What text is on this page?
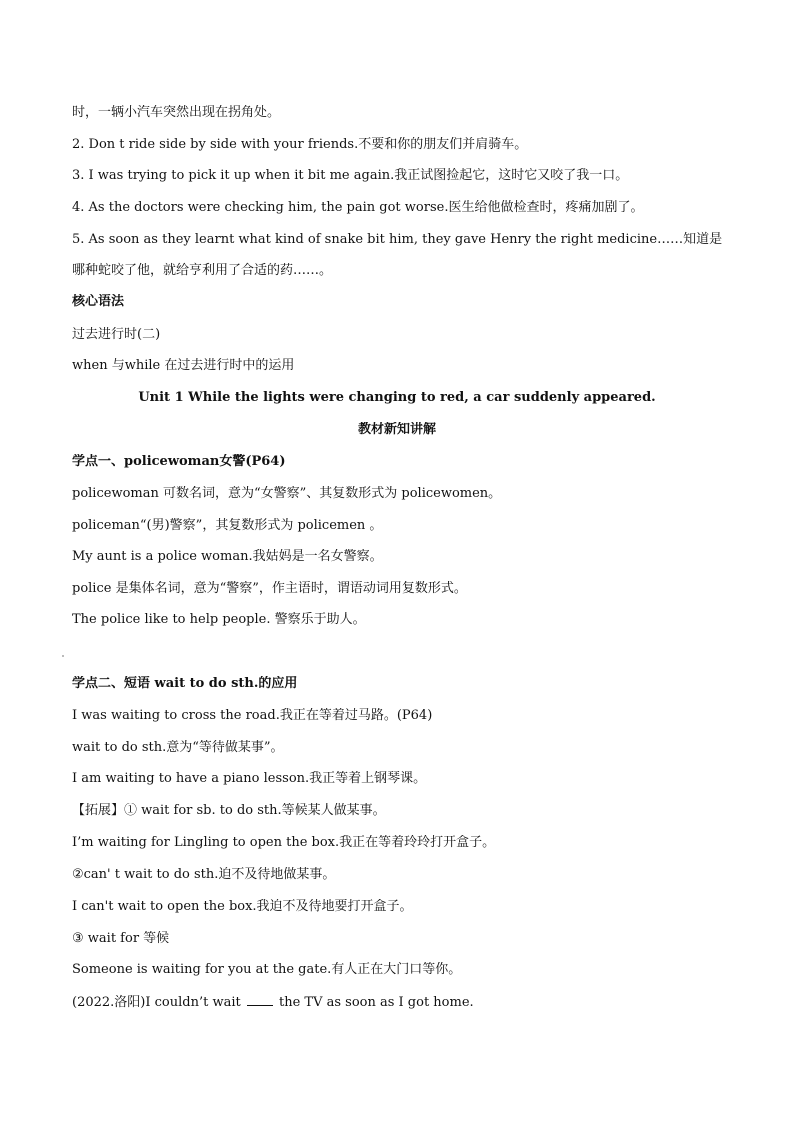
时，一辆小汽车突然出现在拐角处。
2. Don t ride side by side with your friends.不要和你的朋友们并肩骑车。
3. I was trying to pick it up when it bit me again.我正试图捡起它，这时它又咬了我一口。
4. As the doctors were checking him, the pain got worse.医生给他做检查时，疼痛加剧了。
5. As soon as they learnt what kind of snake bit him, they gave Henry the right medicine……知道是哪种蛇咬了他，就给亨利用了合适的药……。
核心语法
过去进行时(二)
when 与while 在过去进行时中的运用
Unit 1 While the lights were changing to red, a car suddenly appeared.
教材新知讲解
学点一、policewoman女警(P64)
policewoman 可数名词，意为“女警察”、其复数形式为 policewomen。
policeman“(男)警察”，其复数形式为 policemen 。
My aunt is a police woman.我姑妈是一名女警察。
police 是集体名词，意为“警察”，作主语时，谓语动词用复数形式。
The police like to help people. 警察乐于助人。
学点二、短语 wait to do sth.的应用
I was waiting to cross the road.我正在等着过马路。(P64)
wait to do sth.意为“等待做某事”。
I am waiting to have a piano lesson.我正等着上钢琴课。
【拓展】① wait for sb. to do sth.等候某人做某事。
I’m waiting for Lingling to open the box.我正在等着玲玲打开盒子。
②can' t wait to do sth.迫不及待地做某事。
I can't wait to open the box.我迫不及待地要打开盒子。
③ wait for 等候
Someone is waiting for you at the gate.有人正在大门口等你。
(2022.洛阳)I couldn’t wait  the TV as soon as I got home.
